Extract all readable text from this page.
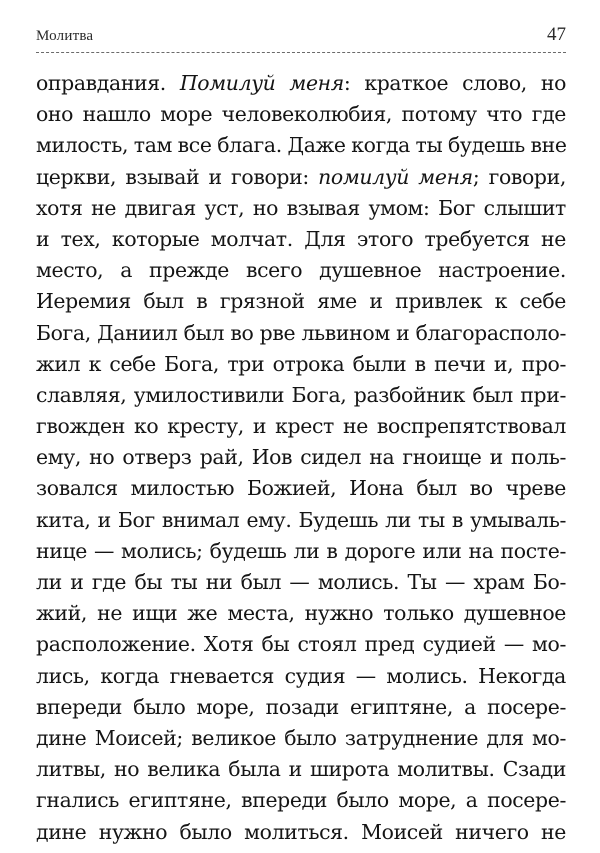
Молитва	47
оправдания. Помилуй меня: краткое слово, но
оно нашло море человеколюбия, потому что где
милость, там все блага. Даже когда ты будешь вне
церкви, взывай и говори: помилуй меня; говори,
хотя не двигая уст, но взывая умом: Бог слышит
и тех, которые молчат. Для этого требуется не
место, а прежде всего душевное настроение.
Иеремия был в грязной яме и привлек к себе
Бога, Даниил был во рве львином и благорасполо-
жил к себе Бога, три отрока были в печи и, про-
славляя, умилостивили Бога, разбойник был при-
гвожден ко кресту, и крест не воспрепятствовал
ему, но отверз рай, Иов сидел на гноище и поль-
зовался милостью Божией, Иона был во чреве
кита, и Бог внимал ему. Будешь ли ты в умываль-
нице — молись; будешь ли в дороге или на посте-
ли и где бы ты ни был — молись. Ты — храм Бо-
жий, не ищи же места, нужно только душевное
расположение. Хотя бы стоял пред судией — мо-
лись, когда гневается судия — молись. Некогда
впереди было море, позади египтяне, а посере-
дине Моисей; великое было затруднение для мо-
литвы, но велика была и широта молитвы. Сзади
гнались египтяне, впереди было море, а посере-
дине нужно было молиться. Моисей ничего не
